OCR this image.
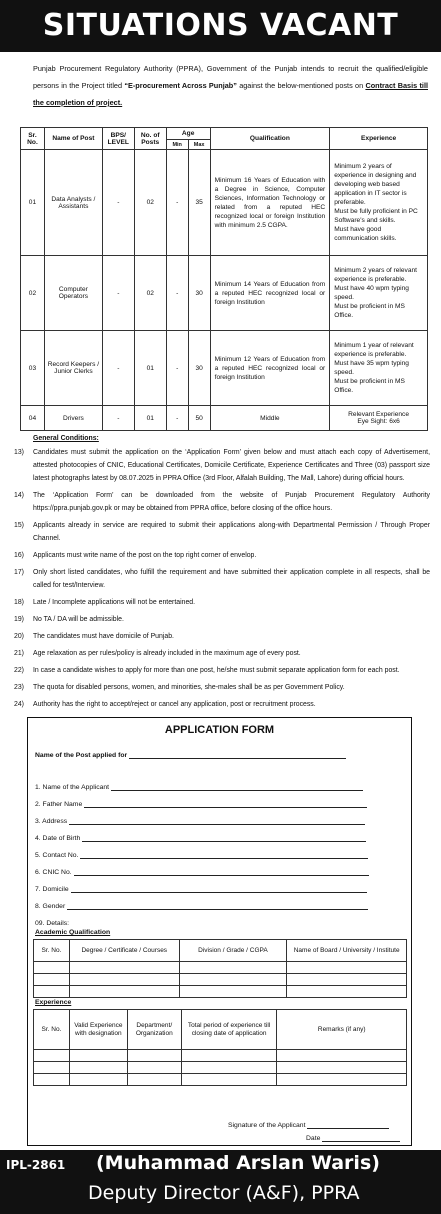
SITUATIONS VACANT
Punjab Procurement Regulatory Authority (PPRA), Government of the Punjab intends to recruit the qualified/eligible persons in the Project titled “E-procurement Across Punjab” against the below-mentioned posts on Contract Basis till the completion of project.
Sr. No.	Name of Post	BPS/ LEVEL	No. of Posts	Age		Qualification	Experience
				Min	Max		
01	Data Analysts / Assistants	-	02	-	35	Minimum 16 Years of Education with a Degree in Science, Computer Sciences, Information Technology or related from a reputed HEC recognized local or foreign Institution with minimum 2.5 CGPA.	Minimum 2 years of experience in designing and developing web based application in IT sector is preferable.

Must be fully proficient in PC Software's and skills.

Must have good communication skills.

02	Computer Operators	-	02	-	30	Minimum 14 Years of Education from a reputed HEC recognized local or foreign Institution	Minimum 2 years of relevant experience is preferable.

Must have 40 wpm typing speed.

Must be proficient in MS Office.

03	Record Keepers / Junior Clerks	-	01	-	30	Minimum 12 Years of Education from a reputed HEC recognized local or foreign Institution	Minimum 1 year of relevant experience is preferable.

Must have 35 wpm typing speed.

Must be proficient in MS Office.

04	Drivers	-	01	-	50	Middle	Relevant Experience
Eye Sight: 6x6
General Conditions:
13)	Candidates must submit the application on the ‘Application Form’ given below and must attach each copy of Advertisement, attested photocopies of CNIC, Educational Certificates, Domicile Certificate, Experience Certificates and Three (03) passport size latest photographs latest by 08.07.2025 in PPRA Office (3rd Floor, Alfalah Building, The Mall, Lahore) during official hours.
14)	The ‘Application Form’ can be downloaded from the website of Punjab Procurement Regulatory Authority https://ppra.punjab.gov.pk or may be obtained from PPRA office, before closing of the office hours.
15)	Applicants already in service are required to submit their applications along-with Departmental Permission / Through Proper Channel.
16)	Applicants must write name of the post on the top right corner of envelop.
17)	Only short listed candidates, who fulfill the requirement and have submitted their application complete in all respects, shall be called for test/Interview.
18)	Late / Incomplete applications will not be entertained.
19)	No TA / DA will be admissible.
20)	The candidates must have domicile of Punjab.
21)	Age relaxation as per rules/policy is already included in the maximum age of every post.
22)	In case a candidate wishes to apply for more than one post, he/she must submit separate application form for each post.
23)	The quota for disabled persons, women, and minorities, she-males shall be as per Government Policy.
24)	Authority has the right to accept/reject or cancel any application, post or recruitment process.
APPLICATION FORM
Name of the Post applied for
1. Name of the Applicant
2. Father Name
3. Address
4. Date of Birth
5. Contact No.
6. CNIC No.
7. Domicile
8. Gender
09. Details:
Academic Qualification
Sr. No.	Degree / Certificate / Courses	Division / Grade / CGPA	Name of Board / University / Institute

Experience
Sr. No.	Valid Experience with designation	Department/ Organization	Total period of experience till closing date of application	Remarks (if any)

Signature of the Applicant
Date
IPL-2861 (Muhammad Arslan Waris)
Deputy Director (A&F), PPRA
